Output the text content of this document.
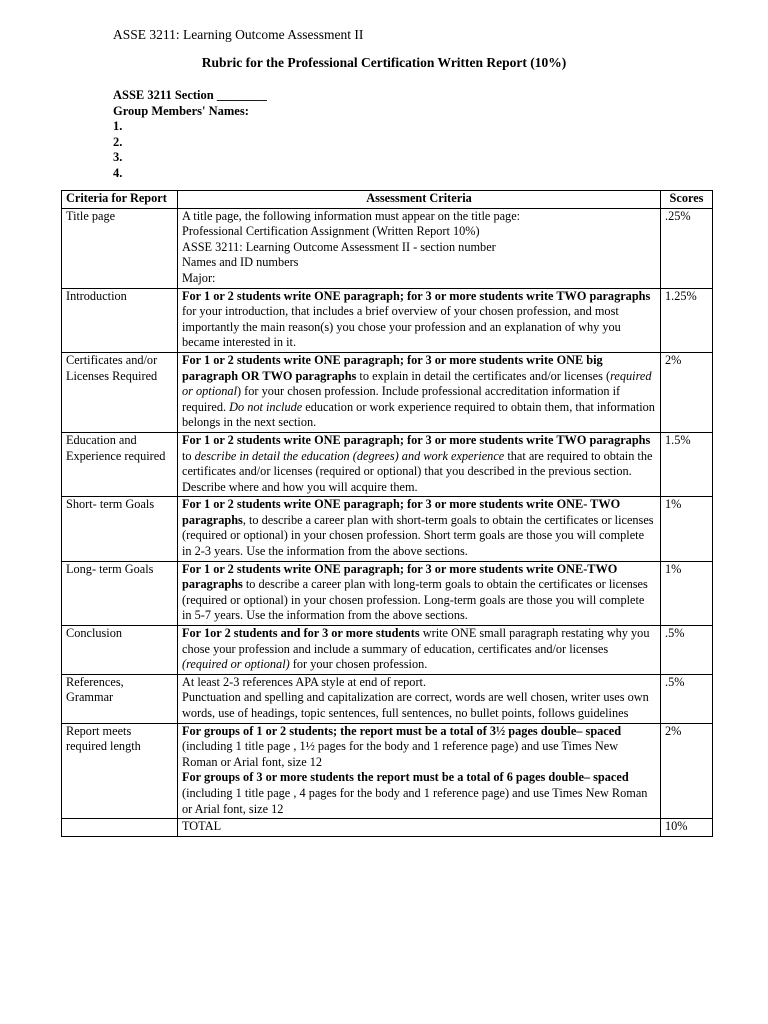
ASSE 3211: Learning Outcome Assessment II
Rubric for the Professional Certification Written Report (10%)
ASSE 3211 Section ________
Group Members' Names:
1.
2.
3.
4.
Criteria for Report	Assessment Criteria	Scores
Title page	A title page, the following information must appear on the title page:
Professional Certification Assignment (Written Report 10%)
ASSE 3211: Learning Outcome Assessment II - section number
Names and ID numbers
Major:	.25%
Introduction	For 1 or 2 students write ONE paragraph; for 3 or more students write TWO paragraphs for your introduction, that includes a brief overview of your chosen profession, and most importantly the main reason(s) you chose your profession and an explanation of why you became interested in it.	1.25%
Certificates and/or Licenses Required	For 1 or 2 students write ONE paragraph; for 3 or more students write ONE big paragraph OR TWO paragraphs to explain in detail the certificates and/or licenses (required or optional) for your chosen profession. Include professional accreditation information if required. Do not include education or work experience required to obtain them, that information belongs in the next section.	2%
Education and Experience required	For 1 or 2 students write ONE paragraph; for 3 or more students write TWO paragraphs to describe in detail the education (degrees) and work experience that are required to obtain the certificates and/or licenses (required or optional) that you described in the previous section. Describe where and how you will acquire them.	1.5%
Short- term Goals	For 1 or 2 students write ONE paragraph; for 3 or more students write ONE- TWO paragraphs, to describe a career plan with short-term goals to obtain the certificates or licenses (required or optional) in your chosen profession. Short term goals are those you will complete in 2-3 years. Use the information from the above sections.	1%
Long- term Goals	For 1 or 2 students write ONE paragraph; for 3 or more students write ONE-TWO paragraphs to describe a career plan with long-term goals to obtain the certificates or licenses (required or optional) in your chosen profession. Long-term goals are those you will complete in 5-7 years. Use the information from the above sections.	1%
Conclusion	For 1or 2 students and for 3 or more students write ONE small paragraph restating why you chose your profession and include a summary of education, certificates and/or licenses (required or optional) for your chosen profession.	.5%
References, Grammar	At least 2-3 references APA style at end of report.
Punctuation and spelling and capitalization are correct, words are well chosen, writer uses own words, use of headings, topic sentences, full sentences, no bullet points, follows guidelines	.5%
Report meets required length	For groups of 1 or 2 students; the report must be a total of 3½ pages double– spaced (including 1 title page , 1½ pages for the body and 1 reference page) and use Times New Roman or Arial font, size 12
For groups of 3 or more students the report must be a total of 6 pages double– spaced (including 1 title page , 4 pages for the body and 1 reference page) and use Times New Roman or Arial font, size 12	2%
	TOTAL	10%
